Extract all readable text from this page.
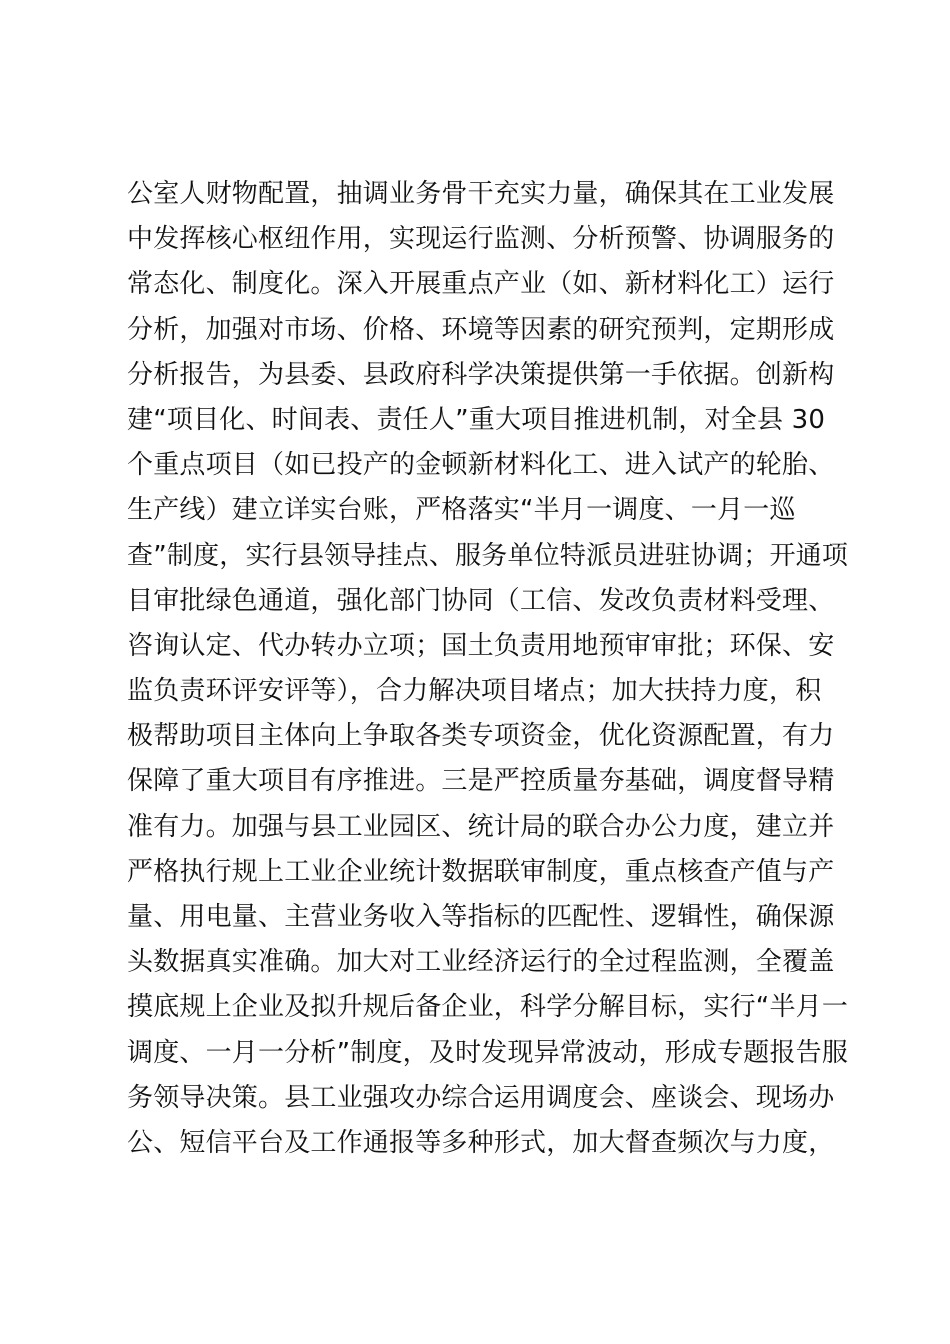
公室人财物配置，抽调业务骨干充实力量，确保其在工业发展
中发挥核心枢纽作用，实现运行监测、分析预警、协调服务的
常态化、制度化。深入开展重点产业（如、新材料化工）运行
分析，加强对市场、价格、环境等因素的研究预判，定期形成
分析报告，为县委、县政府科学决策提供第一手依据。创新构
建“项目化、时间表、责任人”重大项目推进机制，对全县 30
个重点项目（如已投产的金顿新材料化工、进入试产的轮胎、
生产线）建立详实台账，严格落实“半月一调度、一月一巡
查”制度，实行县领导挂点、服务单位特派员进驻协调；开通项
目审批绿色通道，强化部门协同（工信、发改负责材料受理、
咨询认定、代办转办立项；国土负责用地预审审批；环保、安
监负责环评安评等），合力解决项目堵点；加大扶持力度，积
极帮助项目主体向上争取各类专项资金，优化资源配置，有力
保障了重大项目有序推进。三是严控质量夯基础，调度督导精
准有力。加强与县工业园区、统计局的联合办公力度，建立并
严格执行规上工业企业统计数据联审制度，重点核查产值与产
量、用电量、主营业务收入等指标的匹配性、逻辑性，确保源
头数据真实准确。加大对工业经济运行的全过程监测，全覆盖
摸底规上企业及拟升规后备企业，科学分解目标，实行“半月一
调度、一月一分析”制度，及时发现异常波动，形成专题报告服
务领导决策。县工业强攻办综合运用调度会、座谈会、现场办
公、短信平台及工作通报等多种形式，加大督查频次与力度，
